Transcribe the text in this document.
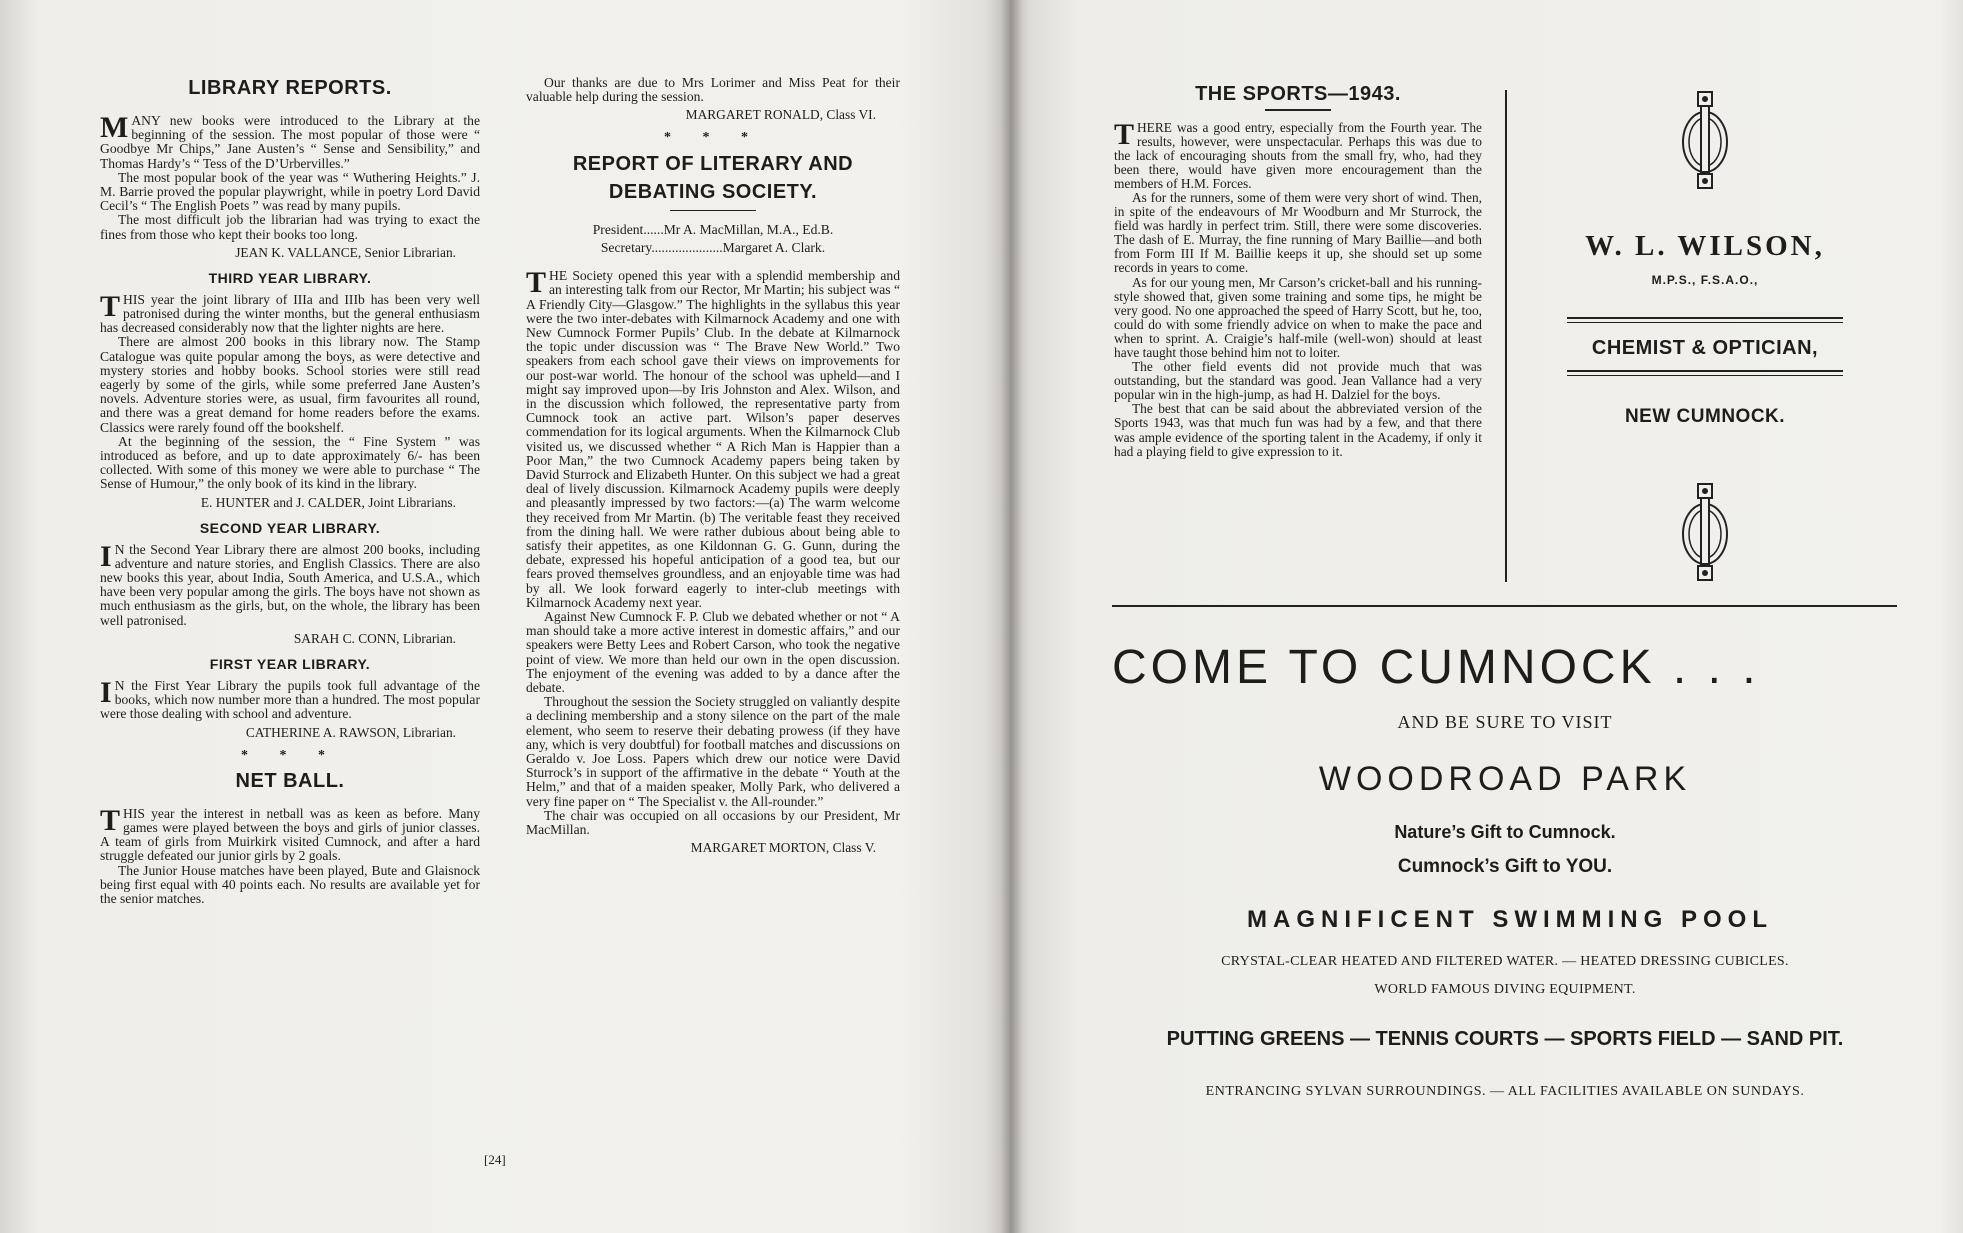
LIBRARY REPORTS.

MANY new books were introduced to the Library at the beginning of the session. The most popular of those were “ Goodbye Mr Chips,” Jane Austen’s “ Sense and Sensibility,” and Thomas Hardy’s “ Tess of the D’Urbervilles.”

The most popular book of the year was “ Wuthering Heights.” J. M. Barrie proved the popular playwright, while in poetry Lord David Cecil’s “ The English Poets ” was read by many pupils.

The most difficult job the librarian had was trying to exact the fines from those who kept their books too long.

JEAN K. VALLANCE, Senior Librarian.
THIRD YEAR LIBRARY.

THIS year the joint library of IIIa and IIIb has been very well patronised during the winter months, but the general enthusiasm has decreased considerably now that the lighter nights are here.

There are almost 200 books in this library now. The Stamp Catalogue was quite popular among the boys, as were detective and mystery stories and hobby books. School stories were still read eagerly by some of the girls, while some preferred Jane Austen’s novels. Adventure stories were, as usual, firm favourites all round, and there was a great demand for home readers before the exams. Classics were rarely found off the bookshelf.

At the beginning of the session, the “ Fine System ” was introduced as before, and up to date approximately 6/- has been collected. With some of this money we were able to purchase “ The Sense of Humour,” the only book of its kind in the library.

E. HUNTER and J. CALDER, Joint Librarians.
SECOND YEAR LIBRARY.

IN the Second Year Library there are almost 200 books, including adventure and nature stories, and English Classics. There are also new books this year, about India, South America, and U.S.A., which have been very popular among the girls. The boys have not shown as much enthusiasm as the girls, but, on the whole, the library has been well patronised.

SARAH C. CONN, Librarian.
FIRST YEAR LIBRARY.

IN the First Year Library the pupils took full advantage of the books, which now number more than a hundred. The most popular were those dealing with school and adventure.

CATHERINE A. RAWSON, Librarian.
* * *
NET BALL.

THIS year the interest in netball was as keen as before. Many games were played between the boys and girls of junior classes. A team of girls from Muirkirk visited Cumnock, and after a hard struggle defeated our junior girls by 2 goals.

The Junior House matches have been played, Bute and Glaisnock being first equal with 40 points each. No results are available yet for the senior matches.

Our thanks are due to Mrs Lorimer and Miss Peat for their valuable help during the session.

MARGARET RONALD, Class VI.
* * *
REPORT OF LITERARY AND
DEBATING SOCIETY.
President......Mr A. MacMillan, M.A., Ed.B.
Secretary.....................Margaret A. Clark.

THE Society opened this year with a splendid membership and an interesting talk from our Rector, Mr Martin; his subject was “ A Friendly City—Glasgow.” The highlights in the syllabus this year were the two inter-debates with Kilmarnock Academy and one with New Cumnock Former Pupils’ Club. In the debate at Kilmarnock the topic under discussion was “ The Brave New World.” Two speakers from each school gave their views on improvements for our post-war world. The honour of the school was upheld—and I might say improved upon—by Iris Johnston and Alex. Wilson, and in the discussion which followed, the representative party from Cumnock took an active part. Wilson’s paper deserves commendation for its logical arguments. When the Kilmarnock Club visited us, we discussed whether “ A Rich Man is Happier than a Poor Man,” the two Cumnock Academy papers being taken by David Sturrock and Elizabeth Hunter. On this subject we had a great deal of lively discussion. Kilmarnock Academy pupils were deeply and pleasantly impressed by two factors:—(a) The warm welcome they received from Mr Martin. (b) The veritable feast they received from the dining hall. We were rather dubious about being able to satisfy their appetites, as one Kildonnan G. G. Gunn, during the debate, expressed his hopeful anticipation of a good tea, but our fears proved themselves groundless, and an enjoyable time was had by all. We look forward eagerly to inter-club meetings with Kilmarnock Academy next year.

Against New Cumnock F. P. Club we debated whether or not “ A man should take a more active interest in domestic affairs,” and our speakers were Betty Lees and Robert Carson, who took the negative point of view. We more than held our own in the open discussion. The enjoyment of the evening was added to by a dance after the debate.

Throughout the session the Society struggled on valiantly despite a declining membership and a stony silence on the part of the male element, who seem to reserve their debating prowess (if they have any, which is very doubtful) for football matches and discussions on Geraldo v. Joe Loss. Papers which drew our notice were David Sturrock’s in support of the affirmative in the debate “ Youth at the Helm,” and that of a maiden speaker, Molly Park, who delivered a very fine paper on “ The Specialist v. the All-rounder.”

The chair was occupied on all occasions by our President, Mr MacMillan.

MARGARET MORTON, Class V.
[24]
THE SPORTS—1943.

THERE was a good entry, especially from the Fourth year. The results, however, were unspectacular. Perhaps this was due to the lack of encouraging shouts from the small fry, who, had they been there, would have given more encouragement than the members of H.M. Forces.

As for the runners, some of them were very short of wind. Then, in spite of the endeavours of Mr Woodburn and Mr Sturrock, the field was hardly in perfect trim. Still, there were some discoveries. The dash of E. Murray, the fine running of Mary Baillie—and both from Form III If M. Baillie keeps it up, she should set up some records in years to come.

As for our young men, Mr Carson’s cricket-ball and his running-style showed that, given some training and some tips, he might be very good. No one approached the speed of Harry Scott, but he, too, could do with some friendly advice on when to make the pace and when to sprint. A. Craigie’s half-mile (well-won) should at least have taught those behind him not to loiter.

The other field events did not provide much that was outstanding, but the standard was good. Jean Vallance had a very popular win in the high-jump, as had H. Dalziel for the boys.

The best that can be said about the abbreviated version of the Sports 1943, was that much fun was had by a few, and that there was ample evidence of the sporting talent in the Academy, if only it had a playing field to give expression to it.

W. L. WILSON,
M.P.S., F.S.A.O.,
CHEMIST & OPTICIAN,
NEW CUMNOCK.
COME TO CUMNOCK . . .
AND BE SURE TO VISIT
WOODROAD PARK
Nature’s Gift to Cumnock.
Cumnock’s Gift to YOU.
MAGNIFICENT SWIMMING POOL
CRYSTAL-CLEAR HEATED AND FILTERED WATER. — HEATED DRESSING CUBICLES.
WORLD FAMOUS DIVING EQUIPMENT.
PUTTING GREENS — TENNIS COURTS — SPORTS FIELD — SAND PIT.
ENTRANCING SYLVAN SURROUNDINGS. — ALL FACILITIES AVAILABLE ON SUNDAYS.
